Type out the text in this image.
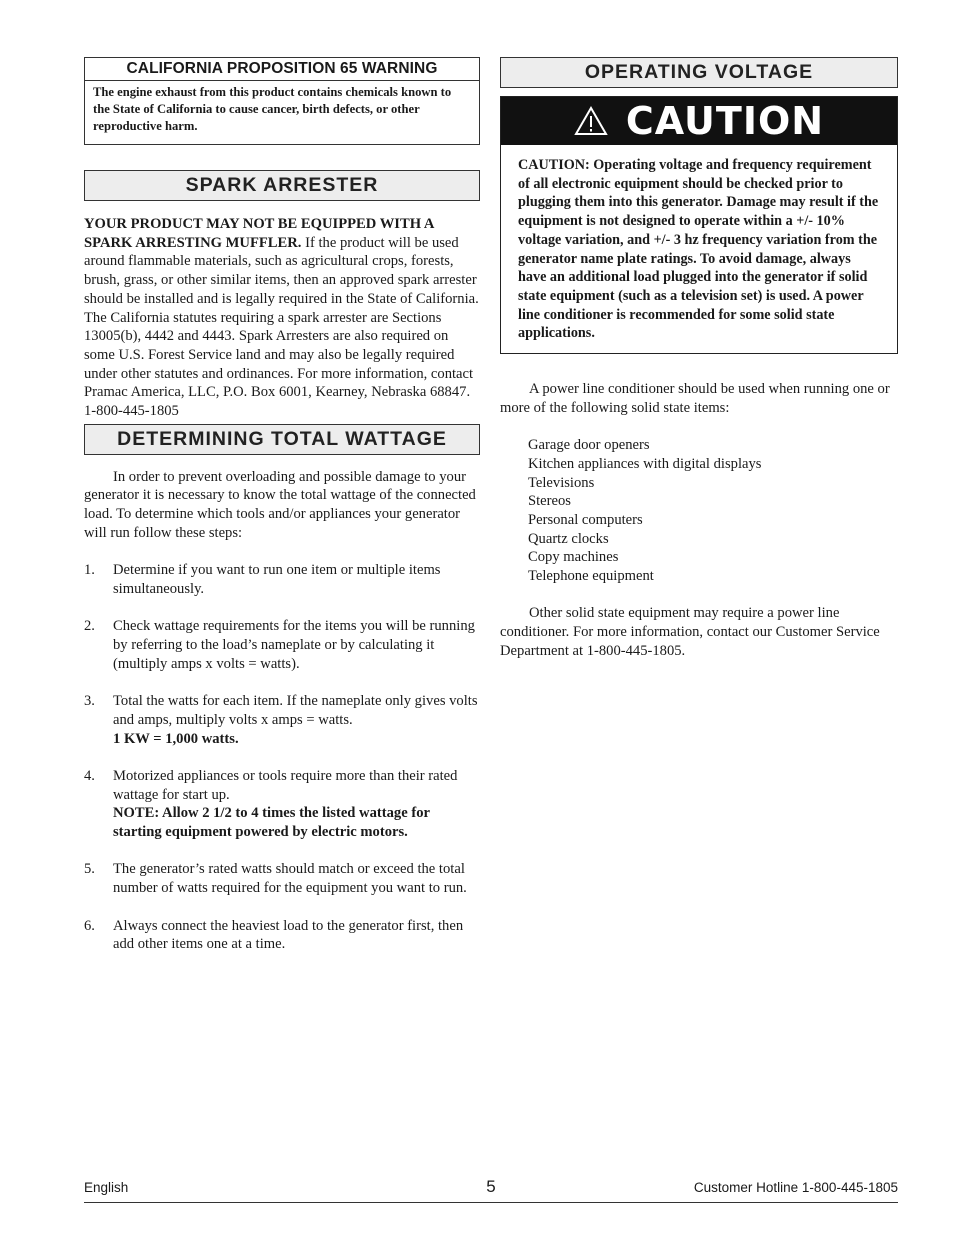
CALIFORNIA PROPOSITION 65 WARNING
The engine exhaust from this product contains chemicals known to the State of California to cause cancer, birth defects, or other reproductive harm.
SPARK ARRESTER

YOUR PRODUCT MAY NOT BE EQUIPPED WITH A SPARK ARRESTING MUFFLER. If the product will be used around flammable materials, such as agricultural crops, forests, brush, grass, or other similar items, then an approved spark arrester should be installed and is legally required in the State of California. The California statutes requiring a spark arrester are Sections 13005(b), 4442 and 4443. Spark Arresters are also required on some U.S. Forest Service land and may also be legally required under other statutes and ordinances. For more information, contact Pramac America, LLC, P.O. Box 6001, Kearney, Nebraska 68847.

1-800-445-1805

DETERMINING TOTAL WATTAGE

In order to prevent overloading and possible damage to your generator it is necessary to know the total wattage of the connected load. To determine which tools and/or appliances your generator will run follow these steps:

1. Determine if you want to run one item or multiple items simultaneously.
2. Check wattage requirements for the items you will be running by referring to the load’s nameplate or by calculating it (multiply amps x volts = watts).
3. Total the watts for each item. If the nameplate only gives volts and amps, multiply volts x amps = watts.
1 KW = 1,000 watts.
4. Motorized appliances or tools require more than their rated wattage for start up.
NOTE: Allow 2 1/2 to 4 times the listed wattage for starting equipment powered by electric motors.
5. The generator’s rated watts should match or exceed the total number of watts required for the equipment you want to run.
6. Always connect the heaviest load to the generator first, then add other items one at a time.
OPERATING VOLTAGE
CAUTION
CAUTION: Operating voltage and frequency requirement of all electronic equipment should be checked prior to plugging them into this generator. Damage may result if the equipment is not designed to operate within a +/- 10% voltage variation, and +/- 3 hz frequency variation from the generator name plate ratings. To avoid damage, always have an additional load plugged into the generator if solid state equipment (such as a television set) is used. A power line conditioner is recommended for some solid state applications.

A power line conditioner should be used when running one or more of the following solid state items:

Garage door openers
Kitchen appliances with digital displays
Televisions
Stereos
Personal computers
Quartz clocks
Copy machines
Telephone equipment

Other solid state equipment may require a power line conditioner. For more information, contact our Customer Service Department at 1-800-445-1805.

English	5	Customer Hotline 1-800-445-1805
